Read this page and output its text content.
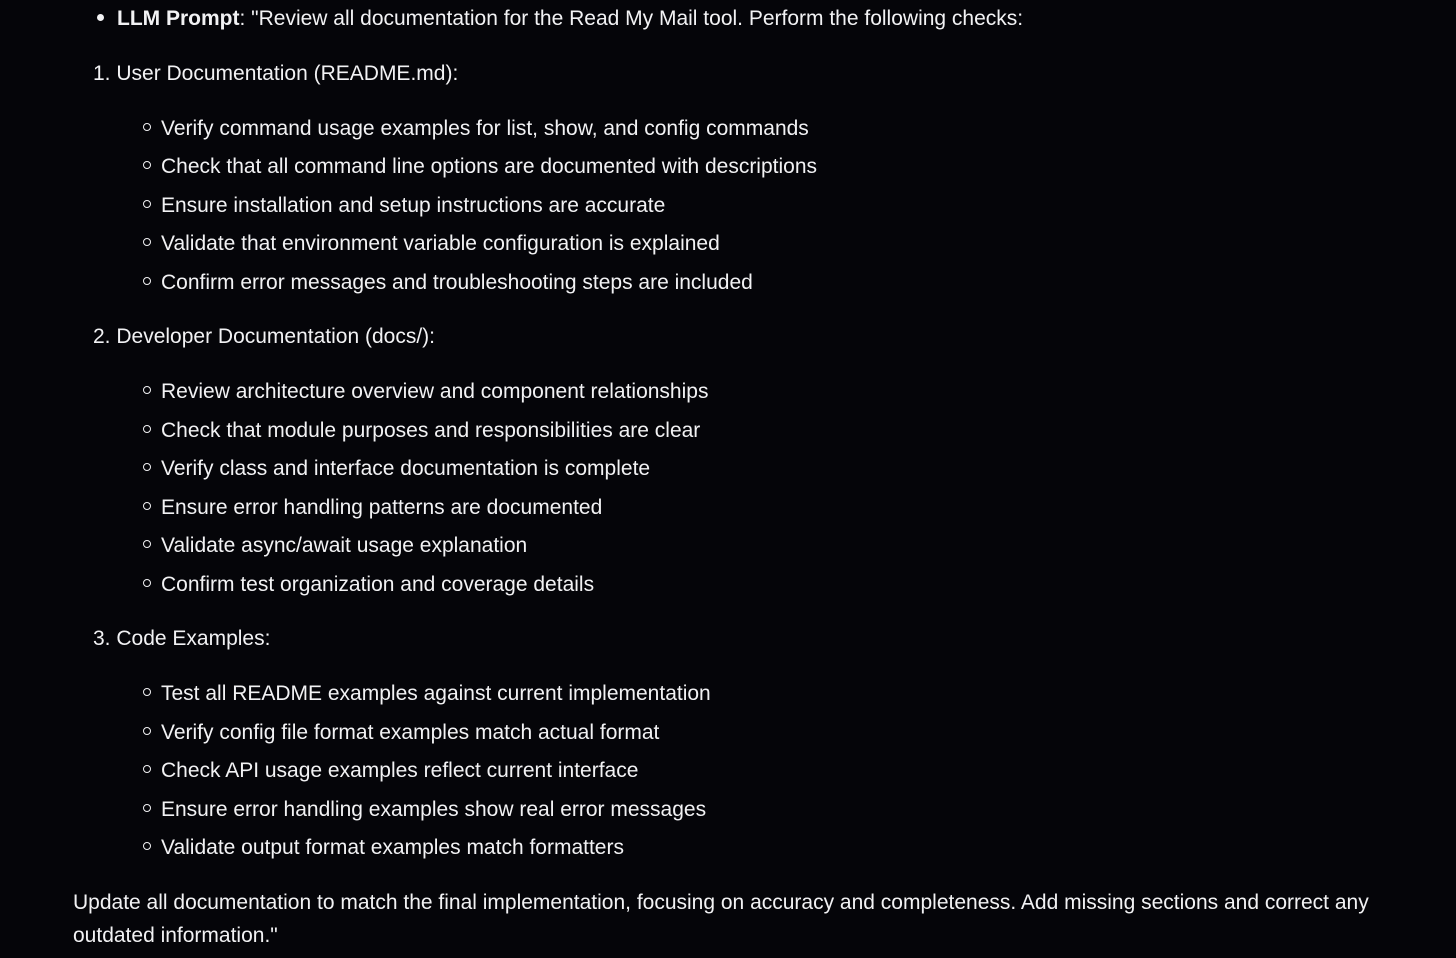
LLM Prompt: "Review all documentation for the Read My Mail tool. Perform the following checks:
1. User Documentation (README.md):
Verify command usage examples for list, show, and config commands
Check that all command line options are documented with descriptions
Ensure installation and setup instructions are accurate
Validate that environment variable configuration is explained
Confirm error messages and troubleshooting steps are included
2. Developer Documentation (docs/):
Review architecture overview and component relationships
Check that module purposes and responsibilities are clear
Verify class and interface documentation is complete
Ensure error handling patterns are documented
Validate async/await usage explanation
Confirm test organization and coverage details
3. Code Examples:
Test all README examples against current implementation
Verify config file format examples match actual format
Check API usage examples reflect current interface
Ensure error handling examples show real error messages
Validate output format examples match formatters
Update all documentation to match the final implementation, focusing on accuracy and completeness. Add missing sections and correct any outdated information."
